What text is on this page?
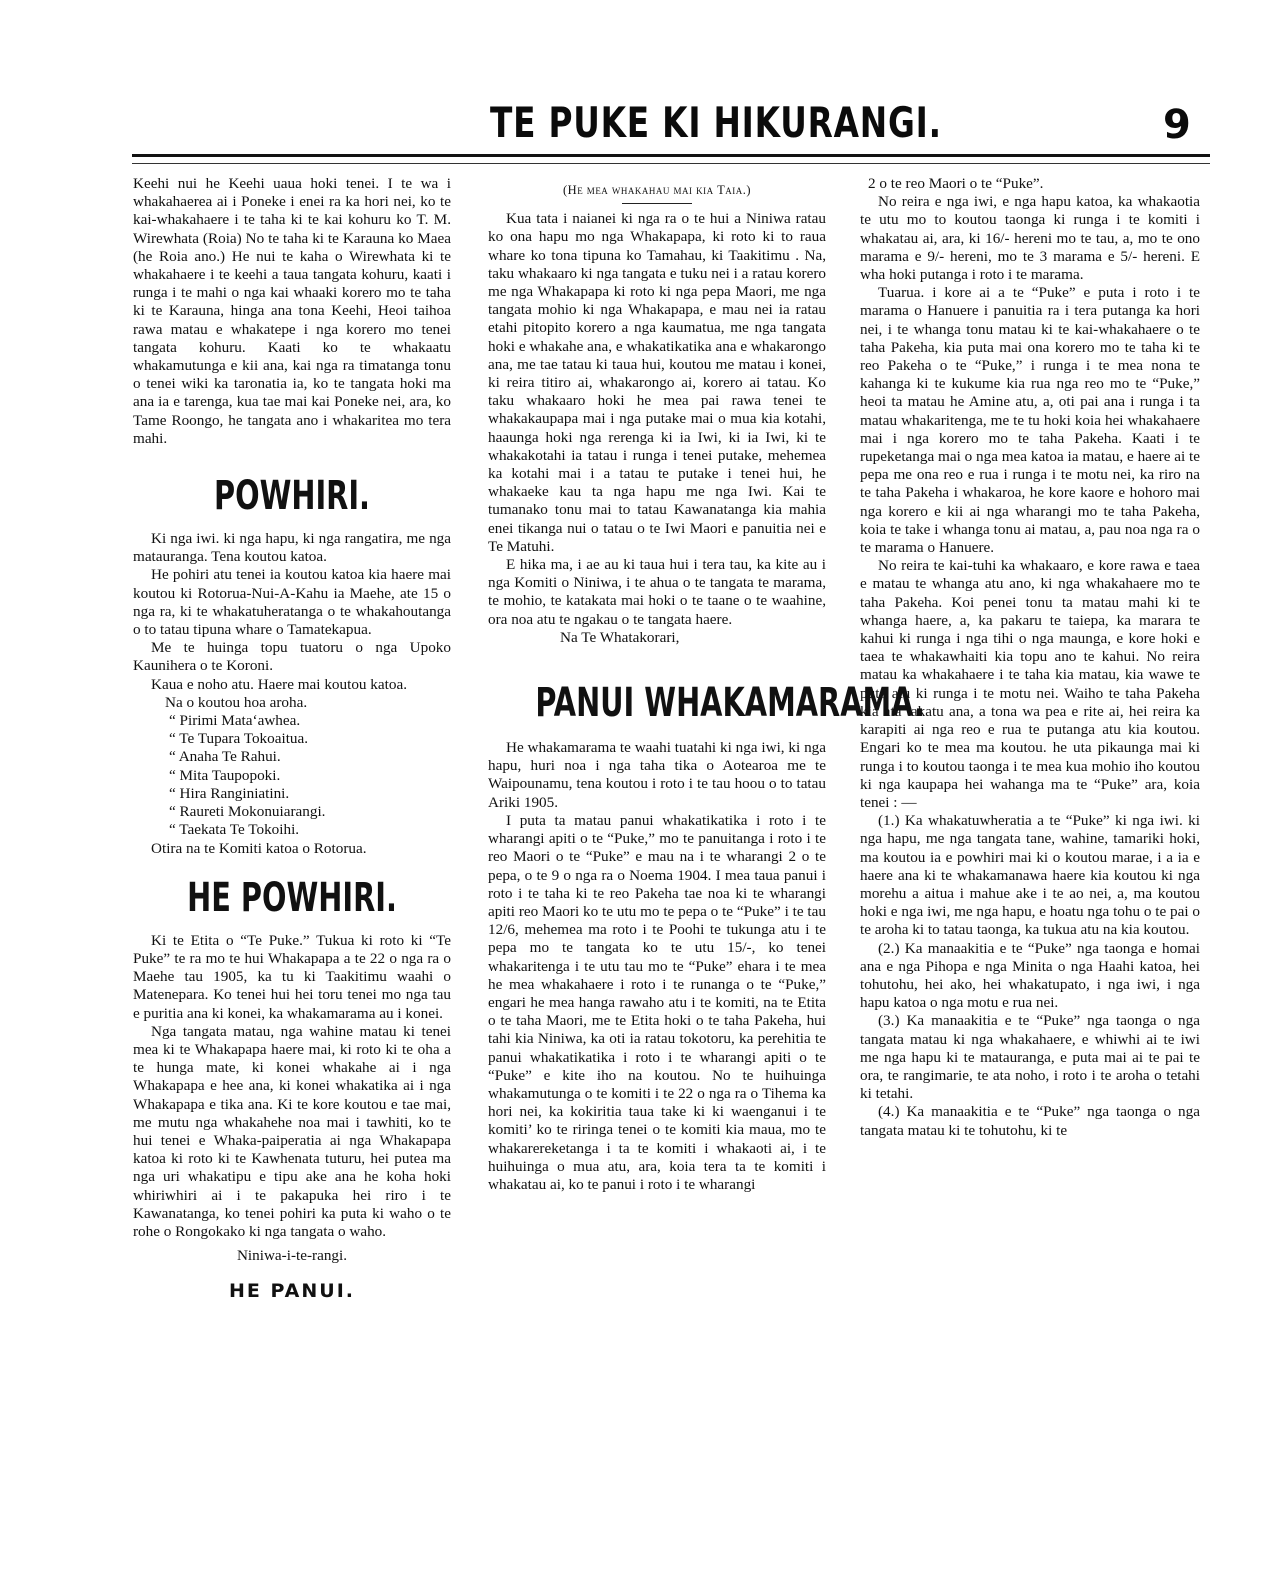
TE PUKE KI HIKURANGI.	9

Keehi nui he Keehi uaua hoki tenei. I te wa i whakahaerea ai i Poneke i enei ra ka hori nei, ko te kai-whakahaere i te taha ki te kai kohuru ko T. M. Wirewhata (Roia) No te taha ki te Karauna ko Maea (he Roia ano.) He nui te kaha o Wirewhata ki te whakahaere i te keehi a taua tangata kohuru, kaati i runga i te mahi o nga kai whaaki korero mo te taha ki te Karauna, hinga ana tona Keehi, Heoi taihoa rawa matau e whakatepe i nga korero mo tenei tangata kohuru. Kaati ko te whakaatu whakamutunga e kii ana, kai nga ra timatanga tonu o tenei wiki ka taronatia ia, ko te tangata hoki ma ana ia e tarenga, kua tae mai kai Poneke nei, ara, ko Tame Roongo, he tangata ano i whakaritea mo tera mahi.

POWHIRI.

Ki nga iwi. ki nga hapu, ki nga rangatira, me nga matauranga. Tena koutou katoa.

He pohiri atu tenei ia koutou katoa kia haere mai koutou ki Rotorua-Nui-A-Kahu ia Maehe, ate 15 o nga ra, ki te whakatuheratanga o te whakahoutanga o to tatau tipuna whare o Tamatekapua.

Me te huinga topu tuatoru o nga Upoko Kaunihera o te Koroni.

Kaua e noho atu. Haere mai koutou katoa.

Na o koutou hoa aroha.

“ Pirimi Mata‘awhea.

“ Te Tupara Tokoaitua.

“ Anaha Te Rahui.

“ Mita Taupopoki.

“ Hira Ranginiatini.

“ Raureti Mokonuiarangi.

“ Taekata Te Tokoihi.

Otira na te Komiti katoa o Rotorua.

HE POWHIRI.

Ki te Etita o “Te Puke.” Tukua ki roto ki “Te Puke” te ra mo te hui Whakapapa a te 22 o nga ra o Maehe tau 1905, ka tu ki Taakitimu waahi o Matenepara. Ko tenei hui hei toru tenei mo nga tau e puritia ana ki konei, ka whakamarama au i konei.

Nga tangata matau, nga wahine matau ki tenei mea ki te Whakapapa haere mai, ki roto ki te oha a te hunga mate, ki konei whakahe ai i nga Whakapapa e hee ana, ki konei whakatika ai i nga Whakapapa e tika ana. Ki te kore koutou e tae mai, me mutu nga whakahehe noa mai i tawhiti, ko te hui tenei e Whaka-paiperatia ai nga Whakapapa katoa ki roto ki te Kawhenata tuturu, hei putea ma nga uri whakatipu e tipu ake ana he koha hoki whiriwhiri ai i te pakapuka hei riro i te Kawanatanga, ko tenei pohiri ka puta ki waho o te rohe o Rongokako ki nga tangata o waho.

Niniwa-i-te-rangi.

HE PANUI.
(He mea whakahau mai kia Taia.)

Kua tata i naianei ki nga ra o te hui a Niniwa ratau ko ona hapu mo nga Whakapapa, ki roto ki to raua whare ko tona tipuna ko Tamahau, ki Taakitimu . Na, taku whakaaro ki nga tangata e tuku nei i a ratau korero me nga Whakapapa ki roto ki nga pepa Maori, me nga tangata mohio ki nga Whakapapa, e mau nei ia ratau etahi pitopito korero a nga kaumatua, me nga tangata hoki e whakahe ana, e whakatikatika ana e whakarongo ana, me tae tatau ki taua hui, koutou me matau i konei, ki reira titiro ai, whakarongo ai, korero ai tatau. Ko taku whakaaro hoki he mea pai rawa tenei te whakakaupapa mai i nga putake mai o mua kia kotahi, haaunga hoki nga rerenga ki ia Iwi, ki ia Iwi, ki te whakakotahi ia tatau i runga i tenei putake, mehemea ka kotahi mai i a tatau te putake i tenei hui, he whakaeke kau ta nga hapu me nga Iwi. Kai te tumanako tonu mai to tatau Kawanatanga kia mahia enei tikanga nui o tatau o te Iwi Maori e panuitia nei e Te Matuhi.

E hika ma, i ae au ki taua hui i tera tau, ka kite au i nga Komiti o Niniwa, i te ahua o te tangata te marama, te mohio, te katakata mai hoki o te taane o te waahine, ora noa atu te ngakau o te tangata haere.

Na Te Whatakorari,

PANUI WHAKAMARAMA.

He whakamarama te waahi tuatahi ki nga iwi, ki nga hapu, huri noa i nga taha tika o Aotearoa me te Waipounamu, tena koutou i roto i te tau hoou o to tatau Ariki 1905.

I puta ta matau panui whakatikatika i roto i te wharangi apiti o te “Puke,” mo te panuitanga i roto i te reo Maori o te “Puke” e mau na i te wharangi 2 o te pepa, o te 9 o nga ra o Noema 1904. I mea taua panui i roto i te taha ki te reo Pakeha tae noa ki te wharangi apiti reo Maori ko te utu mo te pepa o te “Puke” i te tau 12/6, mehemea ma roto i te Poohi te tukunga atu i te pepa mo te tangata ko te utu 15/-, ko tenei whakaritenga i te utu tau mo te “Puke” ehara i te mea he mea whakahaere i roto i te runanga o te “Puke,” engari he mea hanga rawaho atu i te komiti, na te Etita o te taha Maori, me te Etita hoki o te taha Pakeha, hui tahi kia Niniwa, ka oti ia ratau tokotoru, ka perehitia te panui whakatikatika i roto i te wharangi apiti o te “Puke” e kite iho na koutou. No te huihuinga whakamutunga o te komiti i te 22 o nga ra o Tihema ka hori nei, ka kokiritia taua take ki ki waenganui i te komiti’ ko te riringa tenei o te komiti kia maua, mo te whakarereketanga i ta te komiti i whakaoti ai, i te huihuinga o mua atu, ara, koia tera ta te komiti i whakatau ai, ko te panui i roto i te wharangi

2 o te reo Maori o te “Puke”.

No reira e nga iwi, e nga hapu katoa, ka whakaotia te utu mo to koutou taonga ki runga i te komiti i whakatau ai, ara, ki 16/- hereni mo te tau, a, mo te ono marama e 9/- hereni, mo te 3 marama e 5/- hereni. E wha hoki putanga i roto i te marama.

Tuarua. i kore ai a te “Puke” e puta i roto i te marama o Hanuere i panuitia ra i tera putanga ka hori nei, i te whanga tonu matau ki te kai-whakahaere o te taha Pakeha, kia puta mai ona korero mo te taha ki te reo Pakeha o te “Puke,” i runga i te mea nona te kahanga ki te kukume kia rua nga reo mo te “Puke,” heoi ta matau he Amine atu, a, oti pai ana i runga i ta matau whakaritenga, me te tu hoki koia hei whakahaere mai i nga korero mo te taha Pakeha. Kaati i te rupeketanga mai o nga mea katoa ia matau, e haere ai te pepa me ona reo e rua i runga i te motu nei, ka riro na te taha Pakeha i whakaroa, he kore kaore e hohoro mai nga korero e kii ai nga wharangi mo te taha Pakeha, koia te take i whanga tonu ai matau, a, pau noa nga ra o te marama o Hanuere.

No reira te kai-tuhi ka whakaaro, e kore rawa e taea e matau te whanga atu ano, ki nga whakahaere mo te taha Pakeha. Koi penei tonu ta matau mahi ki te whanga haere, a, ka pakaru te taiepa, ka marara te kahui ki runga i nga tihi o nga maunga, e kore hoki e taea te whakawhaiti kia topu ano te kahui. No reira matau ka whakahaere i te taha kia matau, kia wawe te puta atu ki runga i te motu nei. Waiho te taha Pakeha kia ata takatu ana, a tona wa pea e rite ai, hei reira ka karapiti ai nga reo e rua te putanga atu kia koutou. Engari ko te mea ma koutou. he uta pikaunga mai ki runga i to koutou taonga i te mea kua mohio iho koutou ki nga kaupapa hei wahanga ma te “Puke” ara, koia tenei : —

(1.) Ka whakatuwheratia a te “Puke” ki nga iwi. ki nga hapu, me nga tangata tane, wahine, tamariki hoki, ma koutou ia e powhiri mai ki o koutou marae, i a ia e haere ana ki te whakamanawa haere kia koutou ki nga morehu a aitua i mahue ake i te ao nei, a, ma koutou hoki e nga iwi, me nga hapu, e hoatu nga tohu o te pai o te aroha ki to tatau taonga, ka tukua atu na kia koutou.

(2.) Ka manaakitia e te “Puke” nga taonga e homai ana e nga Pihopa e nga Minita o nga Haahi katoa, hei tohutohu, hei ako, hei whakatupato, i nga iwi, i nga hapu katoa o nga motu e rua nei.

(3.) Ka manaakitia e te “Puke” nga taonga o nga tangata matau ki nga whakahaere, e whiwhi ai te iwi me nga hapu ki te matauranga, e puta mai ai te pai te ora, te rangimarie, te ata noho, i roto i te aroha o tetahi ki tetahi.

(4.) Ka manaakitia e te “Puke” nga taonga o nga tangata matau ki te tohutohu, ki te
